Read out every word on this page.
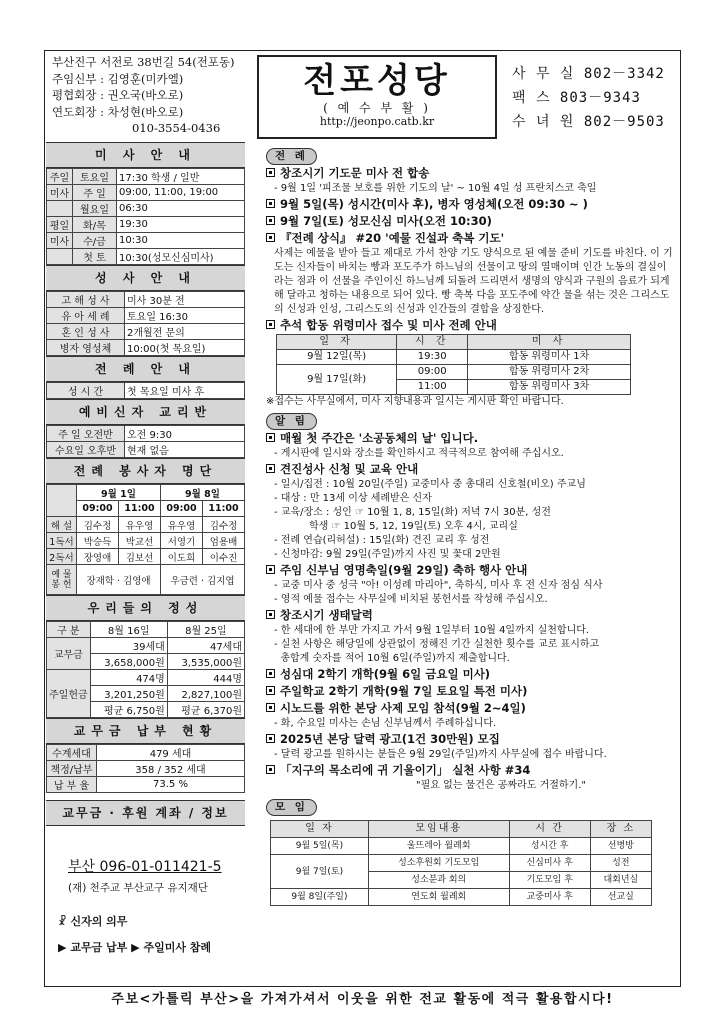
부산진구 서전로 38번길 54(전포동)
주임신부 : 김영훈(미카엘)
평협회장 : 권오국(바오로)
연도회장 : 차성현(바오로)
010-3554-0436
전포성당
( 예 수 부 활 )
http://jeonpo.catb.kr
사 무 실 802－3342
팩 스 803－9343
수 녀 원 802－9503
미 사 안 내
주일	토요일	17:30 학생 / 일반
미사	주 일	09:00, 11:00, 19:00
	월요일	06:30
평일	화/목	19:30
미사	수/금	10:30
	첫 토	10:30(성모신심미사)
성 사 안 내
고 해 성 사	미사 30분 전
유 아 세 례	토요일 16:30
혼 인 성 사	2개월전 문의
병자 영성체	10:00(첫 목요일)
전 례 안 내
성 시 간	첫 목요일 미사 후
예비신자 교리반
주 일 오전반	오전 9:30
수요일 오후반	현재 없음
전례 봉사자 명단
	9월 1일		9월 8일	
	09:00	11:00	09:00	11:00
해 설	김수정	유우영	유우영	김수정
1독서	박승득	박교선	서영기	엄용배
2독서	장영애	김보선	이도희	이수진
예 물 봉 헌	장재학 · 김영애		우금련 · 김지엽	
우리들의 정성
구 분	8월 16일	8월 25일
교무금	39세대	47세대
	3,658,000원	3,535,000원
주일헌금	474명	444명
	3,201,250원	2,827,100원
	평균 6,750원	평균 6,370원
교무금 납부 현황
수계세대	479 세대
책정/납부	358 / 352 세대
납 부 율	73.5 %
교무금 · 후원 계좌 / 정보
부산 096-01-011421-5
(재) 천주교 부산교구 유지재단
☧ 신자의 의무
▶ 교무금 납부 ▶ 주일미사 참례
전 례
창조시기 기도문 미사 전 합송
- 9월 1일 '피조물 보호를 위한 기도의 날' ~ 10월 4일 성 프란치스코 축일
9월 5일(목) 성시간(미사 후), 병자 영성체(오전 09:30 ~ )
9월 7일(토) 성모신심 미사(오전 10:30)
『전례 상식』 #20 '예물 진설과 축복 기도'
사제는 예물을 받아 들고 제대로 가서 찬양 기도 양식으로 된 예물 준비 기도를 바친다. 이 기도는 신자들이 바치는 빵과 포도주가 하느님의 선물이고 땅의 열매이며 인간 노동의 결실이라는 점과 이 선물을 주인이신 하느님께 되돌려 드리면서 생명의 양식과 구원의 음료가 되게 해 달라고 청하는 내용으로 되어 있다. 빵 축복 다음 포도주에 약간 물을 섞는 것은 그리스도의 신성과 인성, 그리스도의 신성과 인간들의 결합을 상징한다.
추석 합동 위령미사 접수 및 미사 전례 안내
일 자	시 간	미 사
9월 12일(목)	19:30	합동 위령미사 1차
9월 17일(화)	09:00	합동 위령미사 2차
	11:00	합동 위령미사 3차
※접수는 사무실에서, 미사 지향내용과 일시는 게시판 확인 바랍니다.
알 림
매월 첫 주간은 '소공동체의 날' 입니다.
- 게시판에 일시와 장소를 확인하시고 적극적으로 참여해 주십시오.
견진성사 신청 및 교육 안내
- 일시/집전 : 10월 20일(주일) 교중미사 중 총대리 신호철(비오) 주교님
- 대상 : 만 13세 이상 세례받은 신자
- 교육/장소 : 성인 ☞ 10월 1, 8, 15일(화) 저녁 7시 30분, 성전
학생 ☞ 10월 5, 12, 19일(토) 오후 4시, 교리실
- 전례 연습(리허설) : 15일(화) 견진 교리 후 성전
- 신청마감: 9월 29일(주일)까지 사진 및 꽃대 2만원
주임 신부님 영명축일(9월 29일) 축하 행사 안내
- 교중 미사 중 성극 "아! 이성례 마리아", 축하식, 미사 후 전 신자 점심 식사
- 영적 예물 접수는 사무실에 비치된 봉헌서를 작성해 주십시오.
창조시기 생태달력
- 한 세대에 한 부만 가지고 가서 9월 1일부터 10월 4일까지 실천합니다.
- 실천 사항은 해당일에 상관없이 정해진 기간 실천한 횟수를 교로 표시하고
총합계 숫자를 적어 10월 6일(주일)까지 제출합니다.
성심대 2학기 개학(9월 6일 금요일 미사)
주일학교 2학기 개학(9월 7일 토요일 특전 미사)
시노드를 위한 본당 사제 모임 참석(9월 2~4일)
- 화, 수요일 미사는 손님 신부님께서 주례하십니다.
2025년 본당 달력 광고(1건 30만원) 모집
- 달력 광고를 원하시는 분들은 9월 29일(주일)까지 사무실에 접수 바랍니다.
「지구의 목소리에 귀 기울이기」 실천 사항 #34
"필요 없는 물건은 공짜라도 거절하기."
모 임
일 자	모임내용	시 간	장 소
9월 5일(목)	울뜨레아 월례회	성시간 후	선병방
9월 7일(토)	성소후원회 기도모임	신심미사 후	성전
	성소분과 회의	기도모임 후	대회년실
9월 8일(주일)	연도회 월례회	교중미사 후	선교실
주보<가톨릭 부산>을 가져가셔서 이웃을 위한 전교 활동에 적극 활용합시다!
